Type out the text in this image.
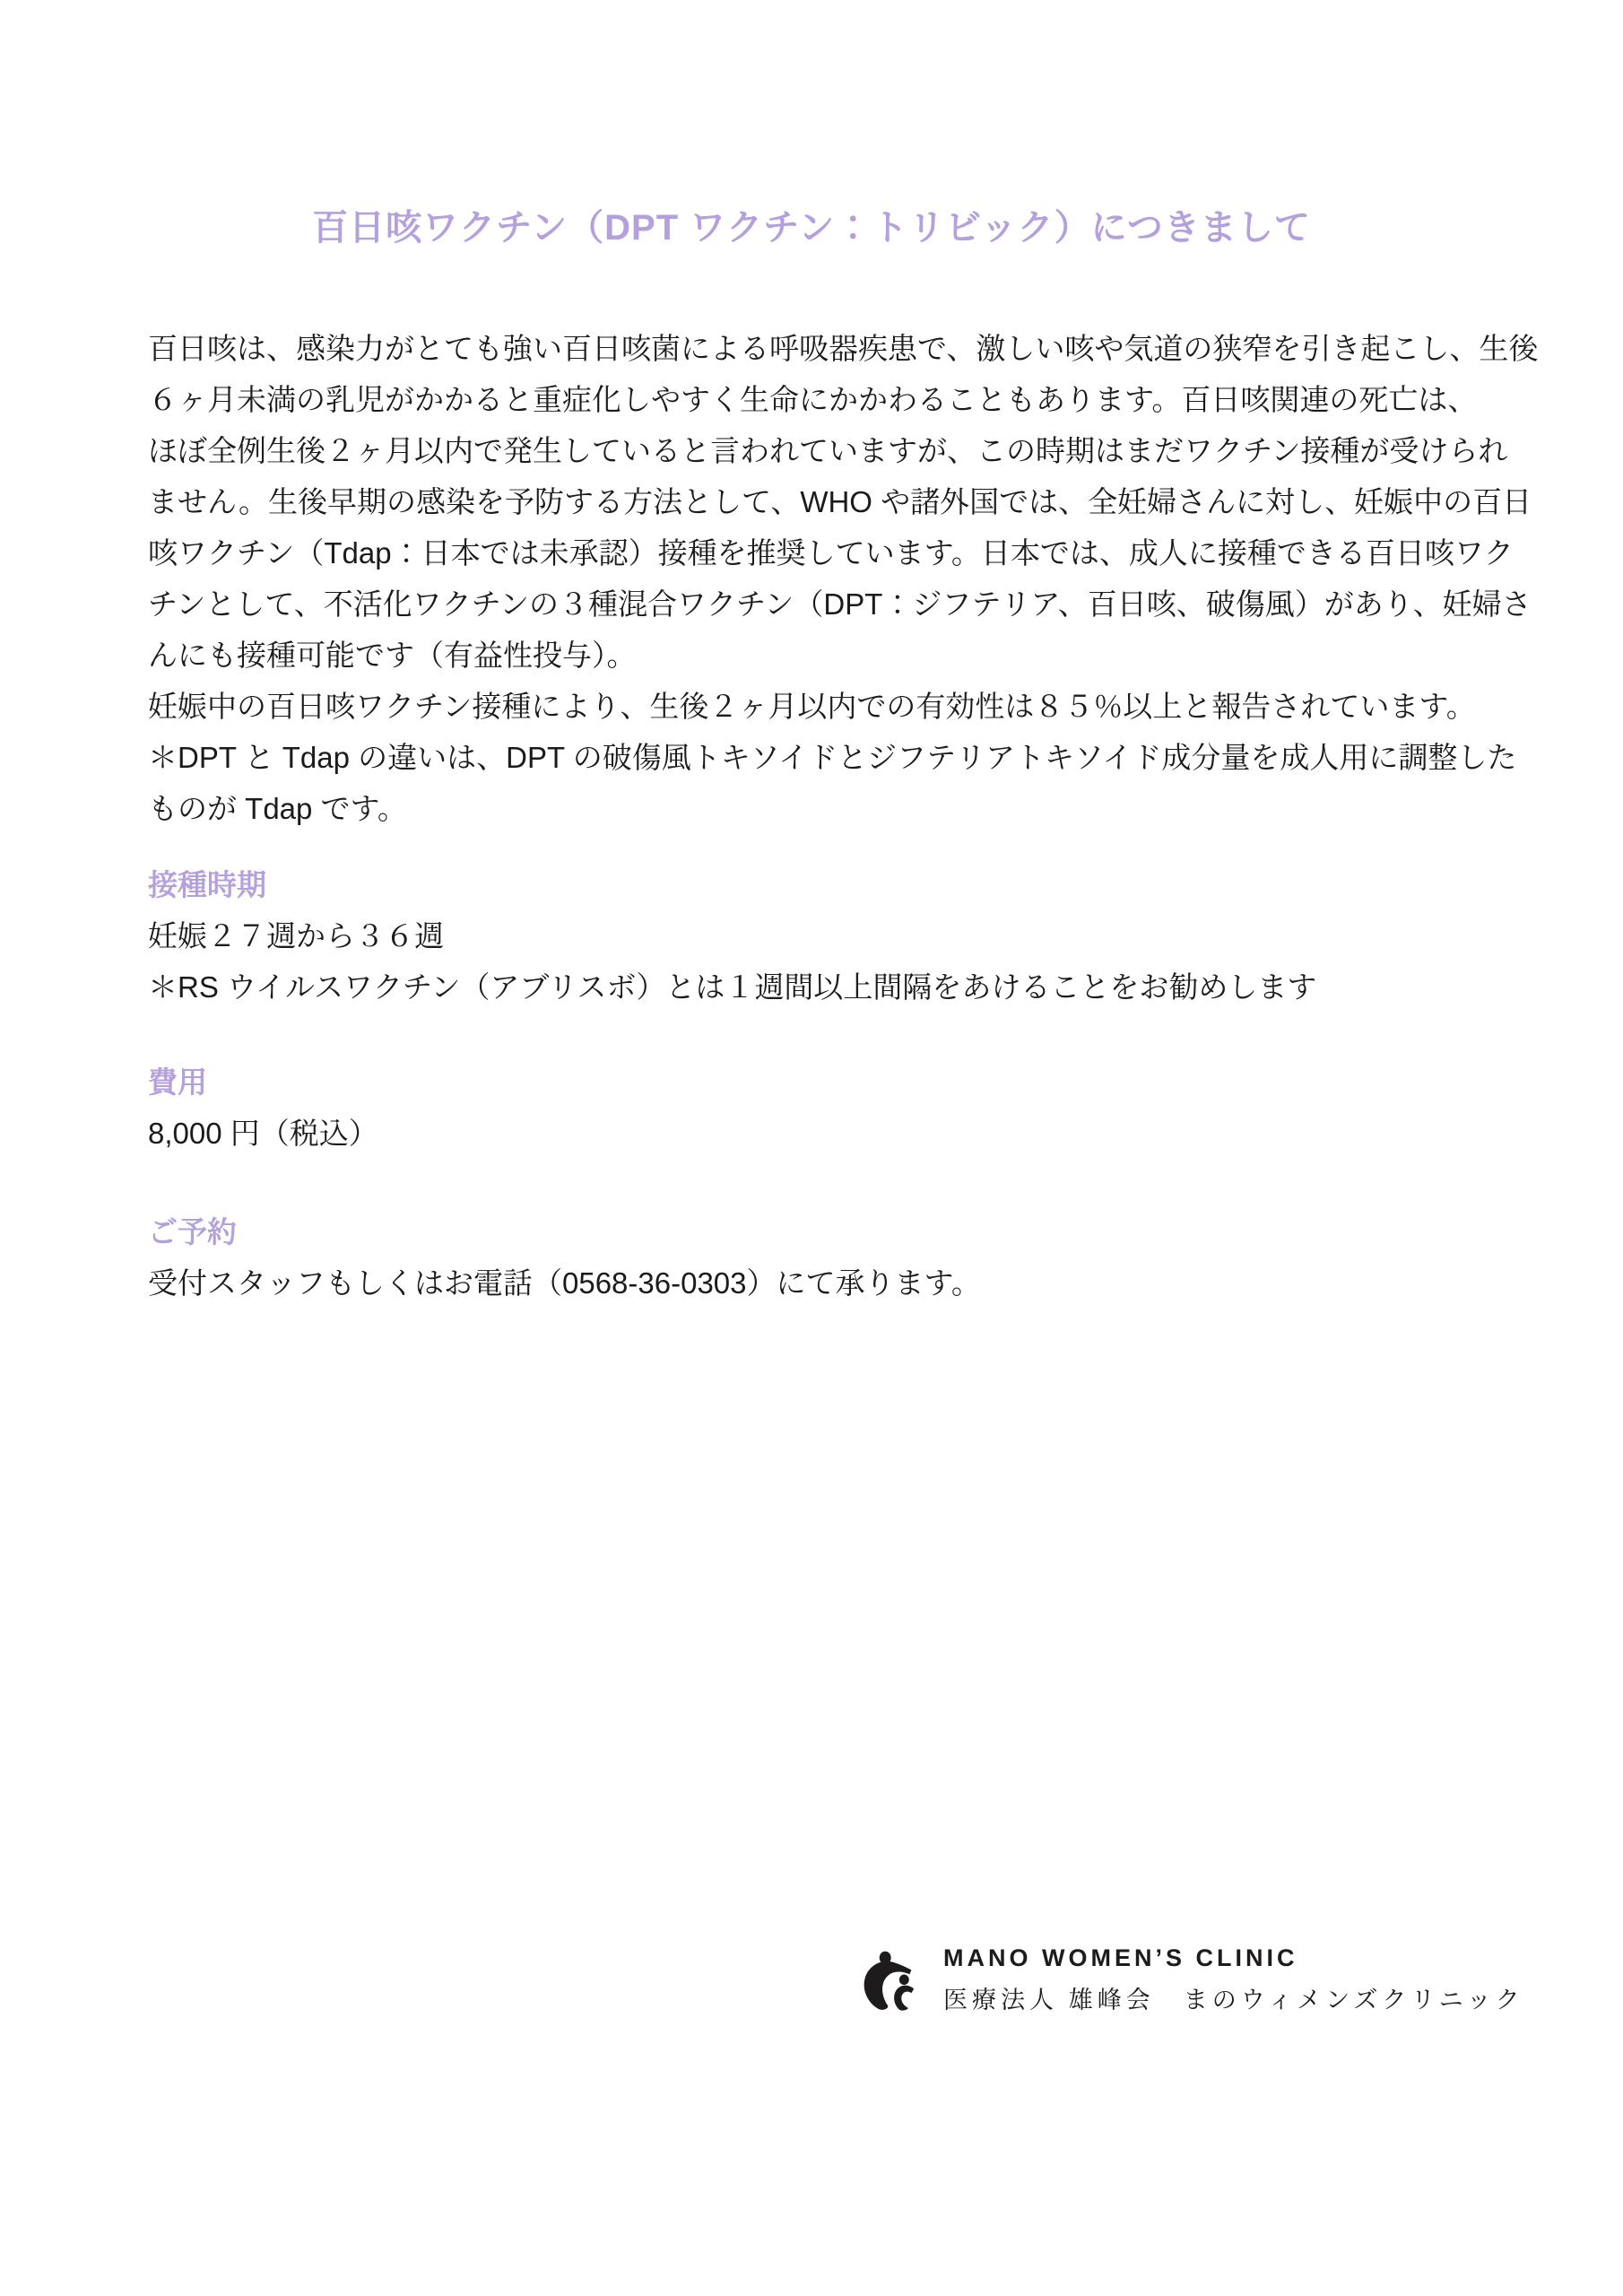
百日咳ワクチン（DPT ワクチン：トリビック）につきまして
百日咳は、感染力がとても強い百日咳菌による呼吸器疾患で、激しい咳や気道の狭窄を引き起こし、生後
６ヶ月未満の乳児がかかると重症化しやすく生命にかかわることもあります。百日咳関連の死亡は、
ほぼ全例生後２ヶ月以内で発生していると言われていますが、この時期はまだワクチン接種が受けられ
ません。生後早期の感染を予防する方法として、WHO や諸外国では、全妊婦さんに対し、妊娠中の百日
咳ワクチン（Tdap：日本では未承認）接種を推奨しています。日本では、成人に接種できる百日咳ワク
チンとして、不活化ワクチンの３種混合ワクチン（DPT：ジフテリア、百日咳、破傷風）があり、妊婦さ
んにも接種可能です（有益性投与）。
妊娠中の百日咳ワクチン接種により、生後２ヶ月以内での有効性は８５％以上と報告されています。
＊DPT と Tdap の違いは、DPT の破傷風トキソイドとジフテリアトキソイド成分量を成人用に調整した
ものが Tdap です。
接種時期
妊娠２７週から３６週
＊RS ウイルスワクチン（アブリスボ）とは１週間以上間隔をあけることをお勧めします
費用
8,000 円（税込）
ご予約
受付スタッフもしくはお電話（0568-36-0303）にて承ります。
MANO WOMEN’S CLINIC
医療法人 雄峰会　まのウィメンズクリニック
